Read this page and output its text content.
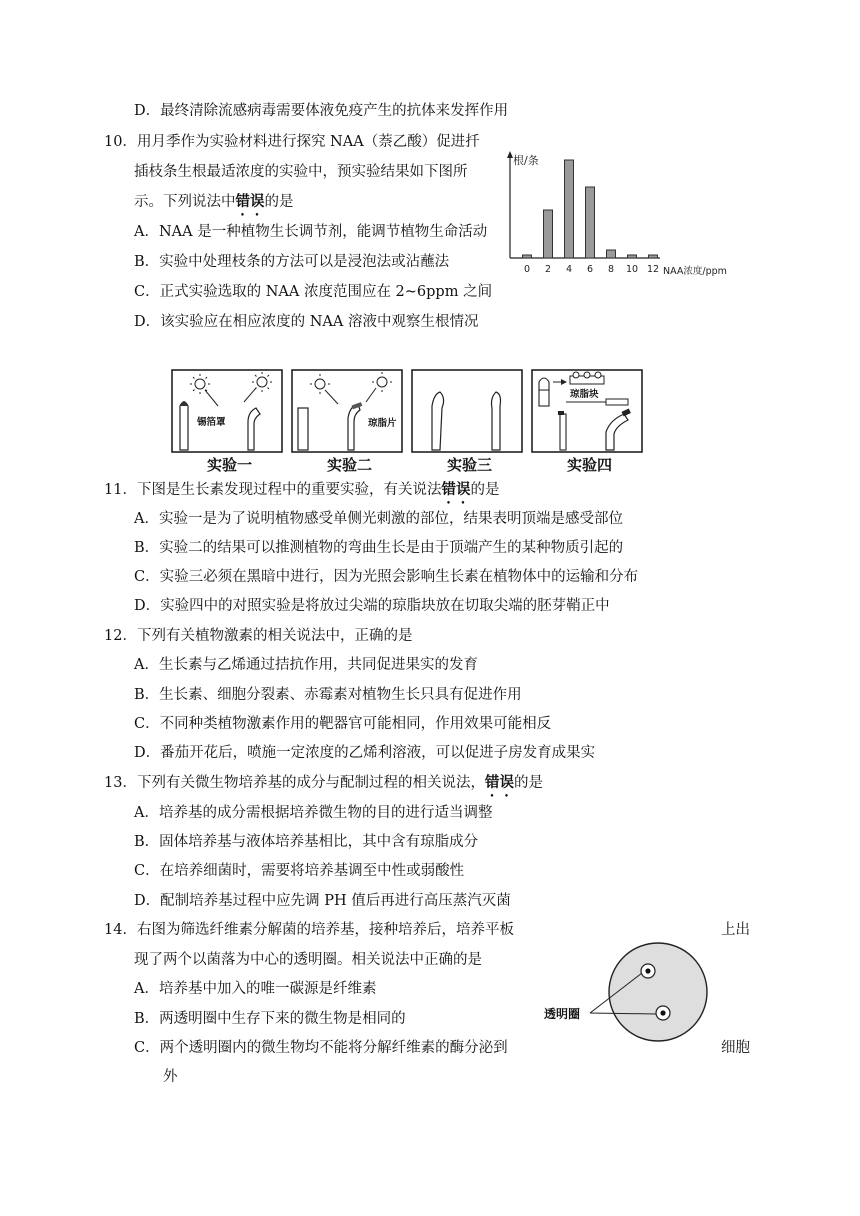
D．最终清除流感病毒需要体液免疫产生的抗体来发挥作用
10．用月季作为实验材料进行探究 NAA（萘乙酸）促进扦
插枝条生根最适浓度的实验中，预实验结果如下图所
示。下列说法中错误的是
A．NAA 是一种植物生长调节剂，能调节植物生命活动
B．实验中处理枝条的方法可以是浸泡法或沾蘸法
C．正式实验选取的 NAA 浓度范围应在 2~6ppm 之间
D．该实验应在相应浓度的 NAA 溶液中观察生根情况
11．下图是生长素发现过程中的重要实验，有关说法错误的是
A．实验一是为了说明植物感受单侧光刺激的部位，结果表明顶端是感受部位
B．实验二的结果可以推测植物的弯曲生长是由于顶端产生的某种物质引起的
C．实验三必须在黑暗中进行，因为光照会影响生长素在植物体中的运输和分布
D．实验四中的对照实验是将放过尖端的琼脂块放在切取尖端的胚芽鞘正中
12．下列有关植物激素的相关说法中，正确的是
A．生长素与乙烯通过拮抗作用，共同促进果实的发育
B．生长素、细胞分裂素、赤霉素对植物生长只具有促进作用
C．不同种类植物激素作用的靶器官可能相同，作用效果可能相反
D．番茄开花后，喷施一定浓度的乙烯利溶液，可以促进子房发育成果实
13．下列有关微生物培养基的成分与配制过程的相关说法，错误的是
A．培养基的成分需根据培养微生物的目的进行适当调整
B．固体培养基与液体培养基相比，其中含有琼脂成分
C．在培养细菌时，需要将培养基调至中性或弱酸性
D．配制培养基过程中应先调 PH 值后再进行高压蒸汽灭菌
14．右图为筛选纤维素分解菌的培养基，接种培养后，培养平板	上出
现了两个以菌落为中心的透明圈。相关说法中正确的是
A．培养基中加入的唯一碳源是纤维素
B．两透明圈中生存下来的微生物是相同的
C．两个透明圈内的微生物均不能将分解纤维素的酶分泌到	细胞
外
根/条
0 2 4 6 8 10 12 NAA浓度/ppm
锡箔罩	琼脂片
琼脂块
实验一	实验二	实验三	实验四
透明圈
